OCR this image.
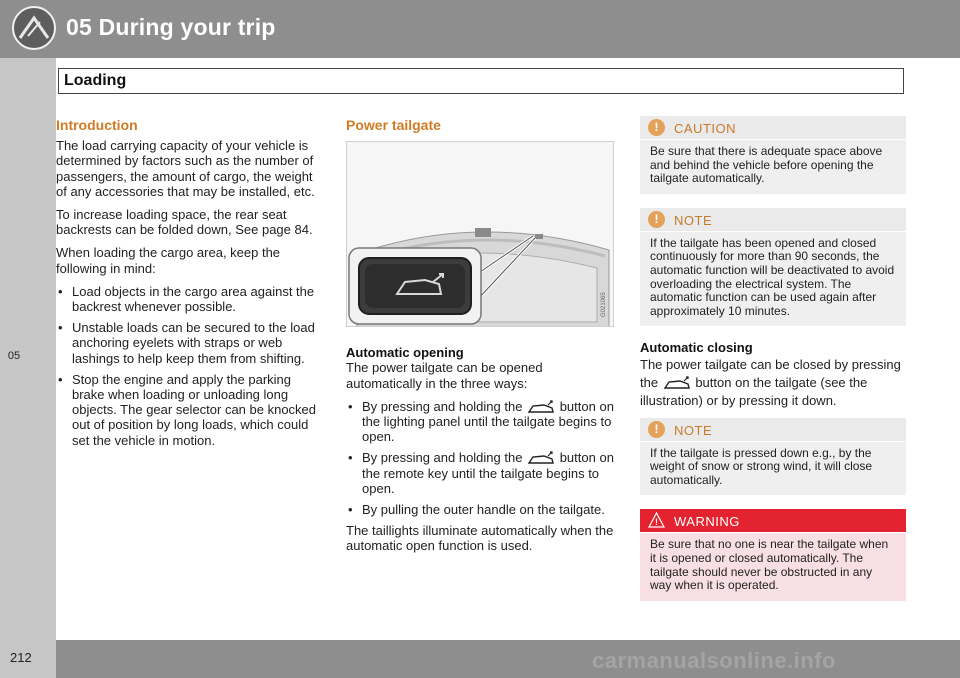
05 During your trip
05
Loading
Introduction

The load carrying capacity of your vehicle is determined by factors such as the number of passengers, the amount of cargo, the weight of any accessories that may be installed, etc.

To increase loading space, the rear seat backrests can be folded down, See page 84.

When loading the cargo area, keep the following in mind:

• Load objects in the cargo area against the backrest whenever possible.
• Unstable loads can be secured to the load anchoring eyelets with straps or web lashings to help keep them from shifting.
• Stop the engine and apply the parking brake when loading or unloading long objects. The gear selector can be knocked out of position by long loads, which could set the vehicle in motion.
Power tailgate
G021065
Automatic opening

The power tailgate can be opened automatically in the three ways:

• By pressing and holding the	button on the lighting panel until the tailgate begins to open.
• By pressing and holding the	button on the remote key until the tailgate begins to open.
• By pulling the outer handle on the tailgate.

The taillights illuminate automatically when the automatic open function is used.

!	CAUTION
Be sure that there is adequate space above and behind the vehicle before opening the tailgate automatically.
!	NOTE
If the tailgate has been opened and closed continuously for more than 90 seconds, the automatic function will be deactivated to avoid overloading the electrical system. The automatic function can be used again after approximately 10 minutes.
Automatic closing

The power tailgate can be closed by pressing the	button on the tailgate (see the illustration) or by pressing it down.

!	NOTE
If the tailgate is pressed down e.g., by the weight of snow or strong wind, it will close automatically.
! WARNING
Be sure that no one is near the tailgate when it is opened or closed automatically. The tailgate should never be obstructed in any way when it is operated.
212	carmanualsonline.info
